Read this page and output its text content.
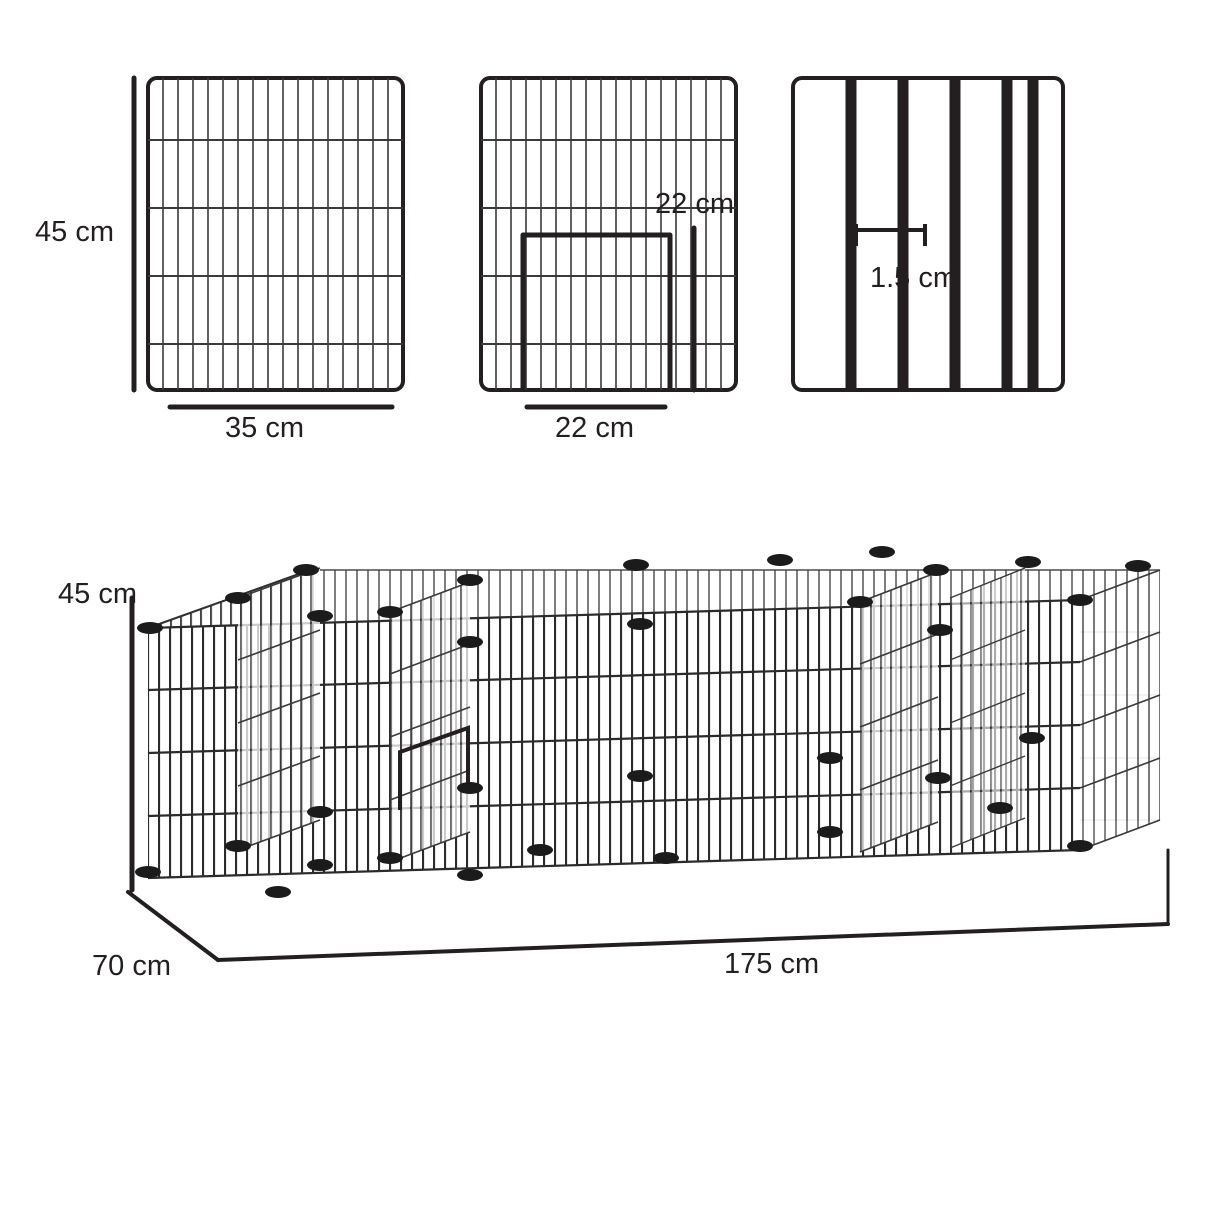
45 cm
35 cm
22 cm
22 cm
1.5 cm
45 cm
70 cm	175 cm
